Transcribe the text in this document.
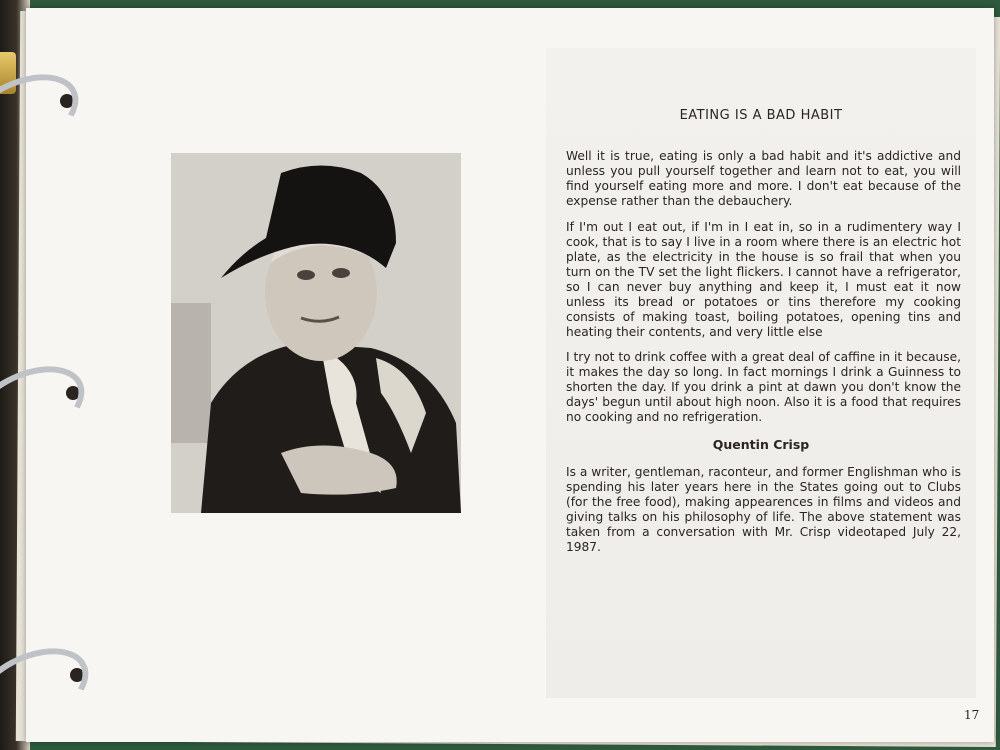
EATING IS A BAD HABIT
Well it is true, eating is only a bad habit and it's addictive and unless you pull yourself together and learn not to eat, you will find yourself eating more and more. I don't eat because of the expense rather than the debauchery.
If I'm out I eat out, if I'm in I eat in, so in a rudimentery way I cook, that is to say I live in a room where there is an electric hot plate, as the electricity in the house is so frail that when you turn on the TV set the light flickers. I cannot have a refrigerator, so I can never buy anything and keep it, I must eat it now unless its bread or potatoes or tins therefore my cooking consists of making toast, boiling potatoes, opening tins and heating their contents, and very little else
I try not to drink coffee with a great deal of caffine in it because, it makes the day so long. In fact mornings I drink a Guinness to shorten the day. If you drink a pint at dawn you don't know the days' begun until about high noon. Also it is a food that requires no cooking and no refrigeration.
Quentin Crisp
Is a writer, gentleman, raconteur, and former Englishman who is spending his later years here in the States going out to Clubs (for the free food), making appearences in films and videos and giving talks on his philosophy of life. The above statement was taken from a conversation with Mr. Crisp videotaped July 22, 1987.
17
